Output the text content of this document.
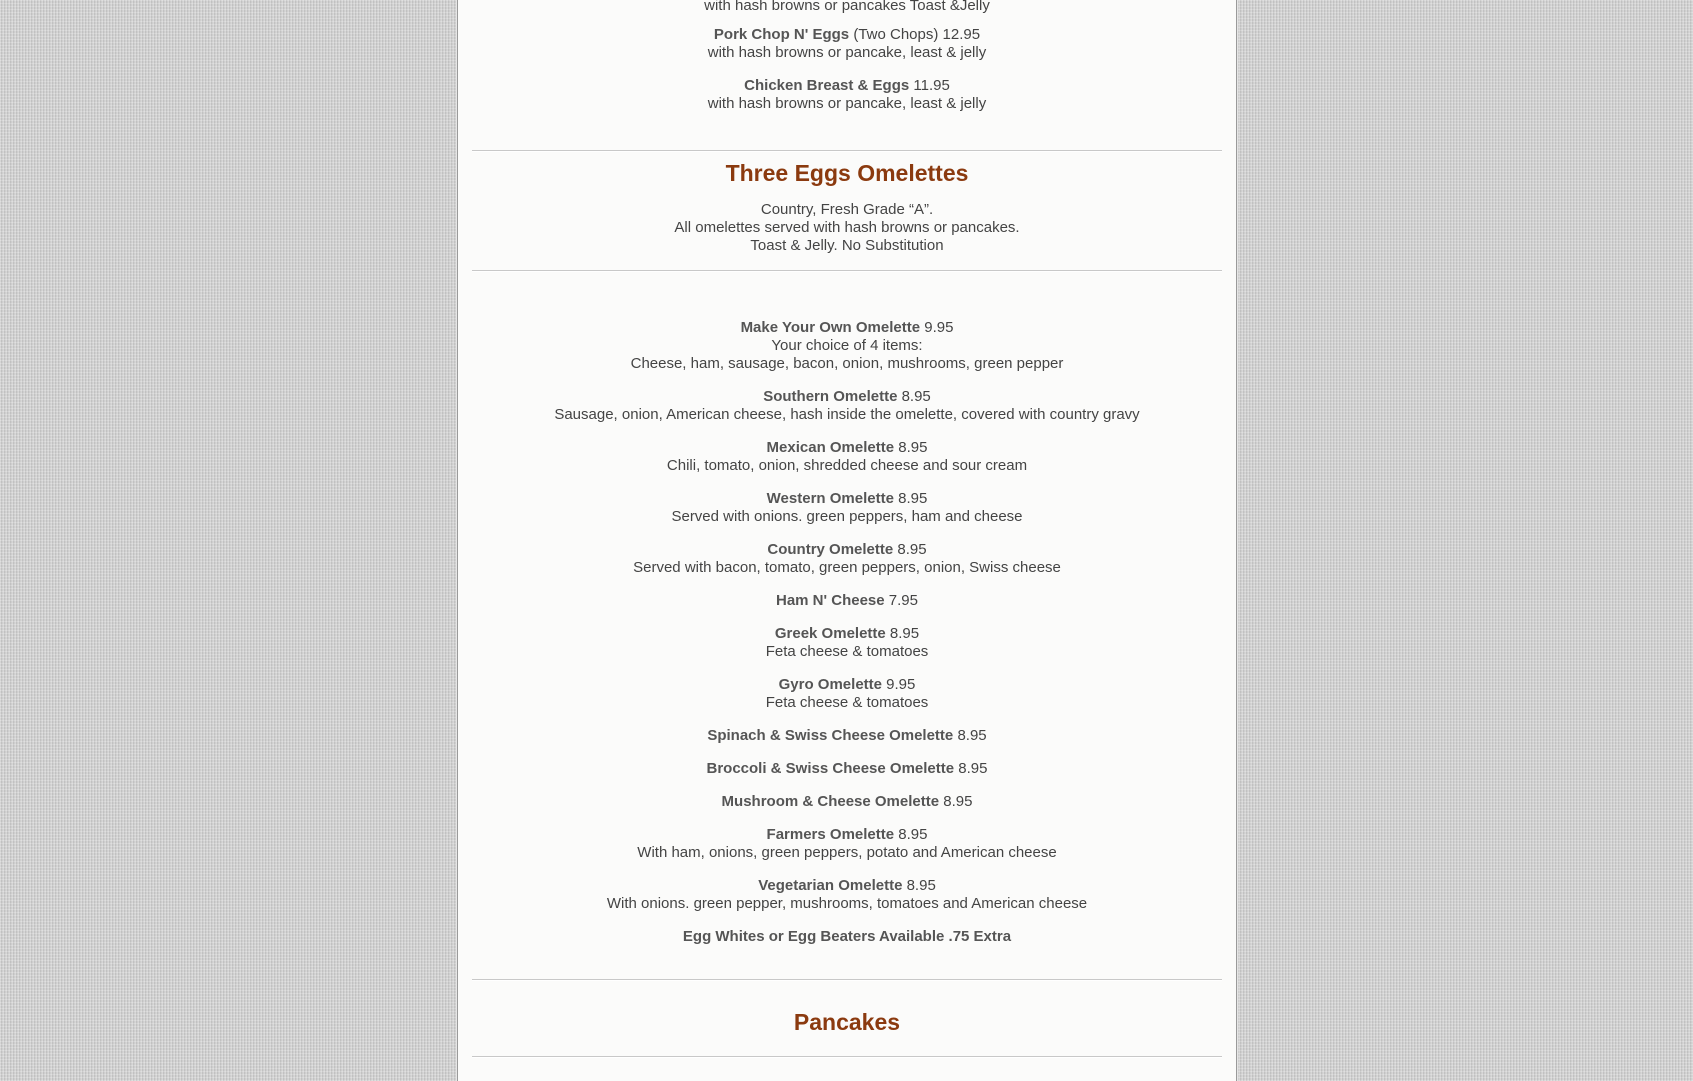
with hash browns or pancakes Toast &Jelly
Pork Chop N' Eggs (Two Chops) 12.95
with hash browns or pancake, least & jelly
Chicken Breast & Eggs 11.95
with hash browns or pancake, least & jelly
Three Eggs Omelettes
Country, Fresh Grade “A”.
All omelettes served with hash browns or pancakes.
Toast & Jelly. No Substitution
Make Your Own Omelette 9.95
Your choice of 4 items:
Cheese, ham, sausage, bacon, onion, mushrooms, green pepper
Southern Omelette 8.95
Sausage, onion, American cheese, hash inside the omelette, covered with country gravy
Mexican Omelette 8.95
Chili, tomato, onion, shredded cheese and sour cream
Western Omelette 8.95
Served with onions. green peppers, ham and cheese
Country Omelette 8.95
Served with bacon, tomato, green peppers, onion, Swiss cheese
Ham N' Cheese 7.95
Greek Omelette 8.95
Feta cheese & tomatoes
Gyro Omelette 9.95
Feta cheese & tomatoes
Spinach & Swiss Cheese Omelette 8.95
Broccoli & Swiss Cheese Omelette 8.95
Mushroom & Cheese Omelette 8.95
Farmers Omelette 8.95
With ham, onions, green peppers, potato and American cheese
Vegetarian Omelette 8.95
With onions. green pepper, mushrooms, tomatoes and American cheese
Egg Whites or Egg Beaters Available .75 Extra
Pancakes
